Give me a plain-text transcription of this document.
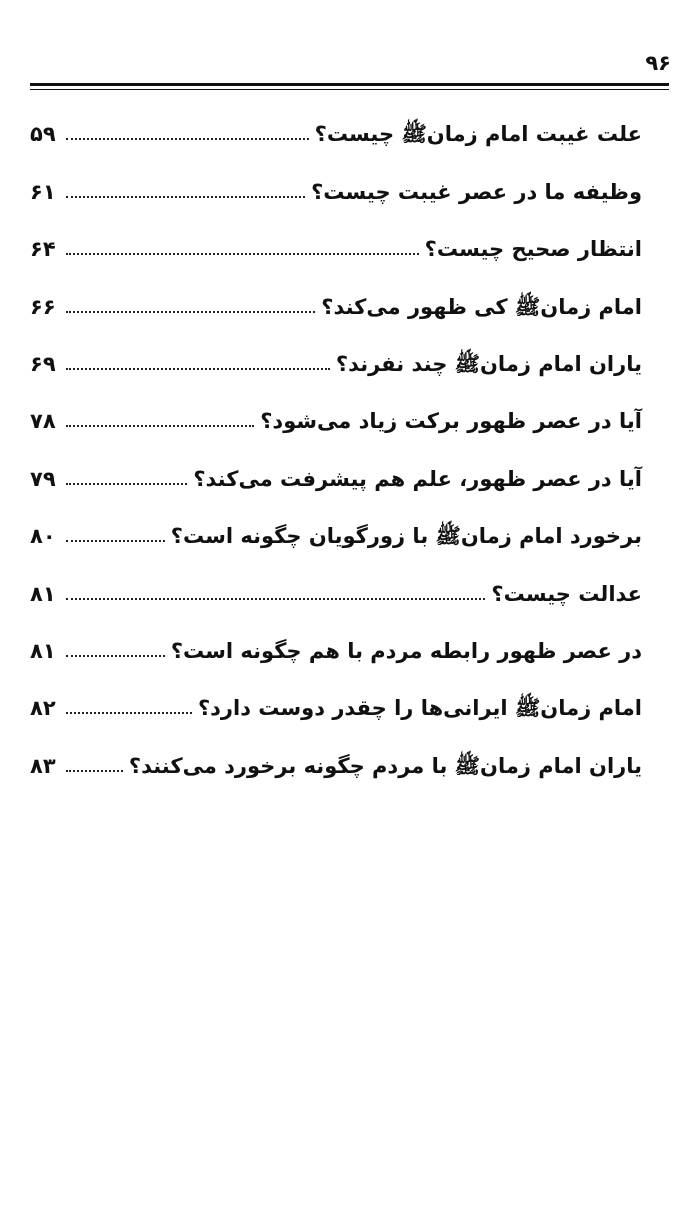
۹۶
علت غیبت امام زمانﷺ چیست؟
۵۹
وظیفه ما در عصر غیبت چیست؟
۶۱
انتظار صحیح چیست؟
۶۴
امام زمانﷺ کی ظهور می‌کند؟
۶۶
یاران امام زمانﷺ چند نفرند؟
۶۹
آیا در عصر ظهور برکت زیاد می‌شود؟
۷۸
آیا در عصر ظهور، علم هم پیشرفت می‌کند؟
۷۹
برخورد امام زمانﷺ با زورگویان چگونه است؟
۸۰
عدالت چیست؟
۸۱
در عصر ظهور رابطه مردم با هم چگونه است؟
۸۱
امام زمانﷺ ایرانی‌ها را چقدر دوست دارد؟
۸۲
یاران امام زمانﷺ با مردم چگونه برخورد می‌کنند؟
۸۳
